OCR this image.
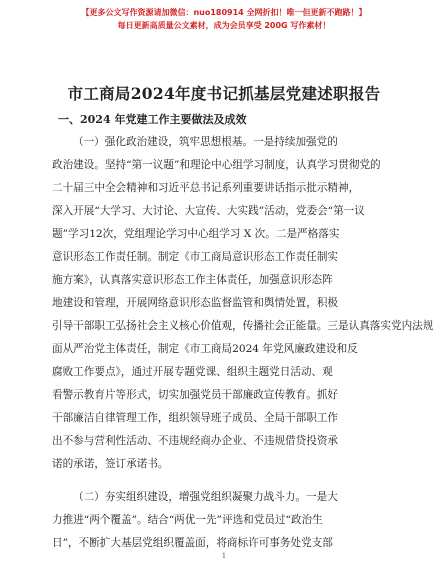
【更多公文写作资源请加微信：nuo180914 全网折扣！唯一但更新不跑路！】
每日更新高质量公文素材，成为会员享受 200G 写作素材！
市工商局2024年度书记抓基层党建述职报告
一、2024 年党建工作主要做法及成效
（一）强化政治建设，筑牢思想根基。一是持续加强党的
政治建设。坚持“第一议题”和理论中心组学习制度，认真学习贯彻党的
二十届三中全会精神和习近平总书记系列重要讲话指示批示精神，
深入开展“大学习、大讨论、大宣传、大实践”活动，党委会“第一议
题”学习12次，党组理论学习中心组学习 X 次。二是严格落实
意识形态工作责任制。制定《市工商局意识形态工作责任制实
施方案》，认真落实意识形态工作主体责任，加强意识形态阵
地建设和管理，开展网络意识形态监督监管和舆情处置，积极
引导干部职工弘扬社会主义核心价值观，传播社会正能量。三是认真落实党内法规
面从严治党主体责任，制定《市工商局2024 年党风廉政建设和反
腐败工作要点》，通过开展专题党课、组织主题党日活动、观
看警示教育片等形式，切实加强党员干部廉政宣传教育。抓好
干部廉洁自律管理工作，组织领导班子成员、全局干部职工作
出不参与营利性活动、不违规经商办企业、不违规借贷投资承
诺的承诺，签订承诺书。
（二）夯实组织建设，增强党组织凝聚力战斗力。一是大
力推进“两个覆盖”。结合“两优一先”评选和党员过“政治生
日”，不断扩大基层党组织覆盖面，将商标许可事务处党支部
1
